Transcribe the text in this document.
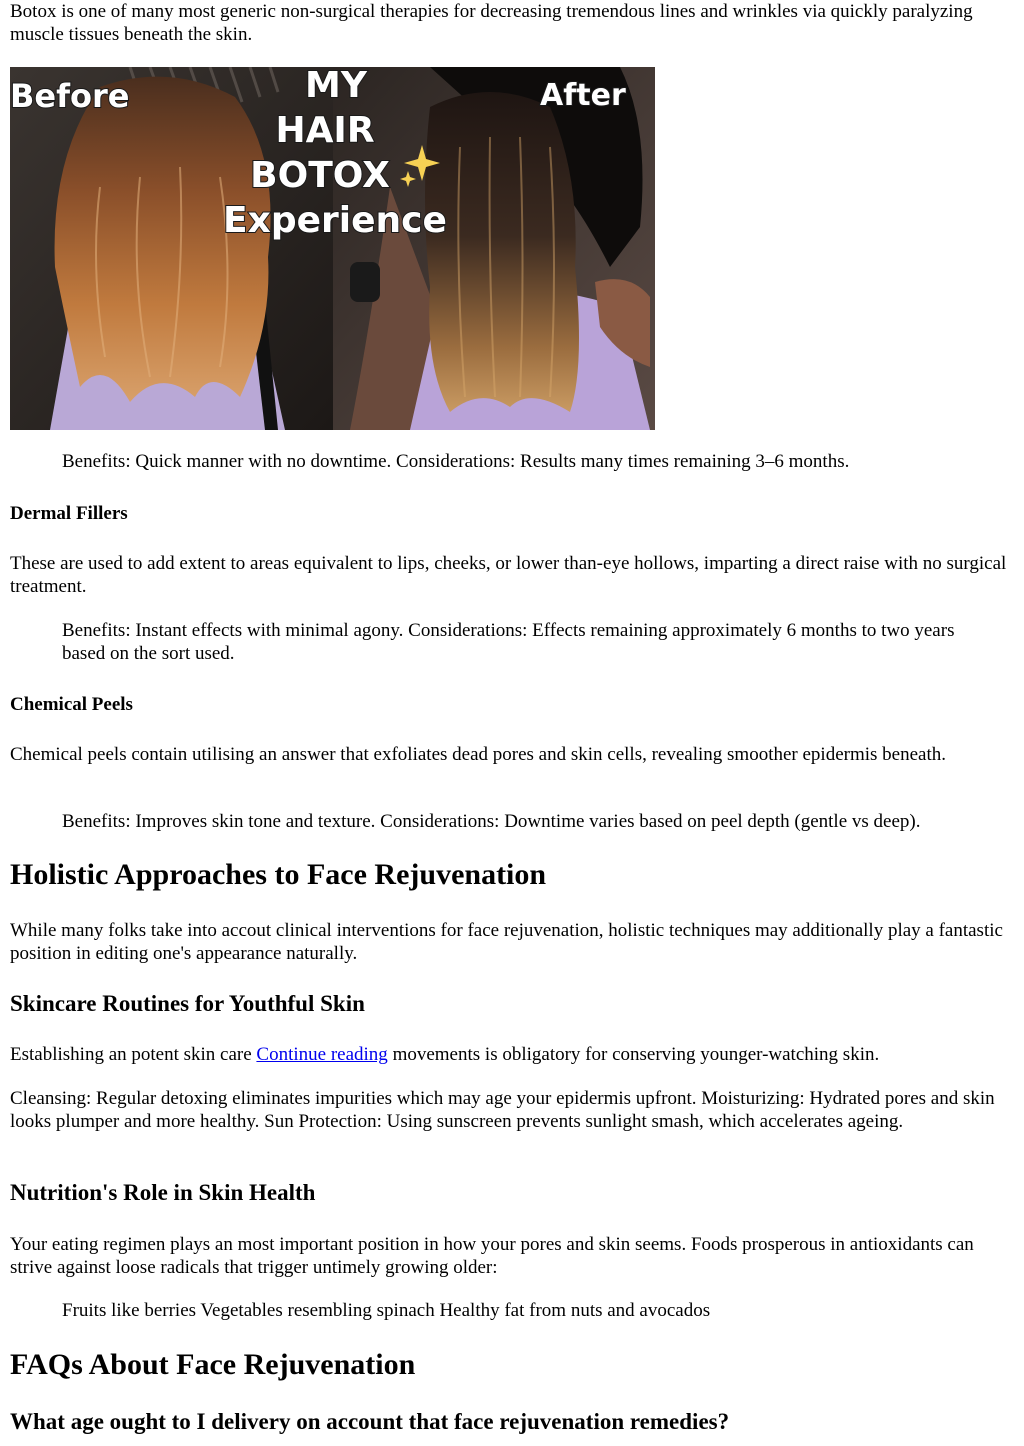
Botox is one of many most generic non-surgical therapies for decreasing tremendous lines and wrinkles via quickly paralyzing muscle tissues beneath the skin.

Before	After
MY
HAIR
BOTOX
Experience

Benefits: Quick manner with no downtime. Considerations: Results many times remaining 3–6 months.

Dermal Fillers

These are used to add extent to areas equivalent to lips, cheeks, or lower than-eye hollows, imparting a direct raise with no surgical treatment.

Benefits: Instant effects with minimal agony. Considerations: Effects remaining approximately 6 months to two years based on the sort used.

Chemical Peels

Chemical peels contain utilising an answer that exfoliates dead pores and skin cells, revealing smoother epidermis beneath.

Benefits: Improves skin tone and texture. Considerations: Downtime varies based on peel depth (gentle vs deep).

Holistic Approaches to Face Rejuvenation

While many folks take into accout clinical interventions for face rejuvenation, holistic techniques may additionally play a fantastic position in editing one's appearance naturally.

Skincare Routines for Youthful Skin

Establishing an potent skin care Continue reading movements is obligatory for conserving younger-watching skin.

Cleansing: Regular detoxing eliminates impurities which may age your epidermis upfront. Moisturizing: Hydrated pores and skin looks plumper and more healthy. Sun Protection: Using sunscreen prevents sunlight smash, which accelerates ageing.

Nutrition's Role in Skin Health

Your eating regimen plays an most important position in how your pores and skin seems. Foods prosperous in antioxidants can strive against loose radicals that trigger untimely growing older:

Fruits like berries Vegetables resembling spinach Healthy fat from nuts and avocados

FAQs About Face Rejuvenation
What age ought to I delivery on account that face rejuvenation remedies?
